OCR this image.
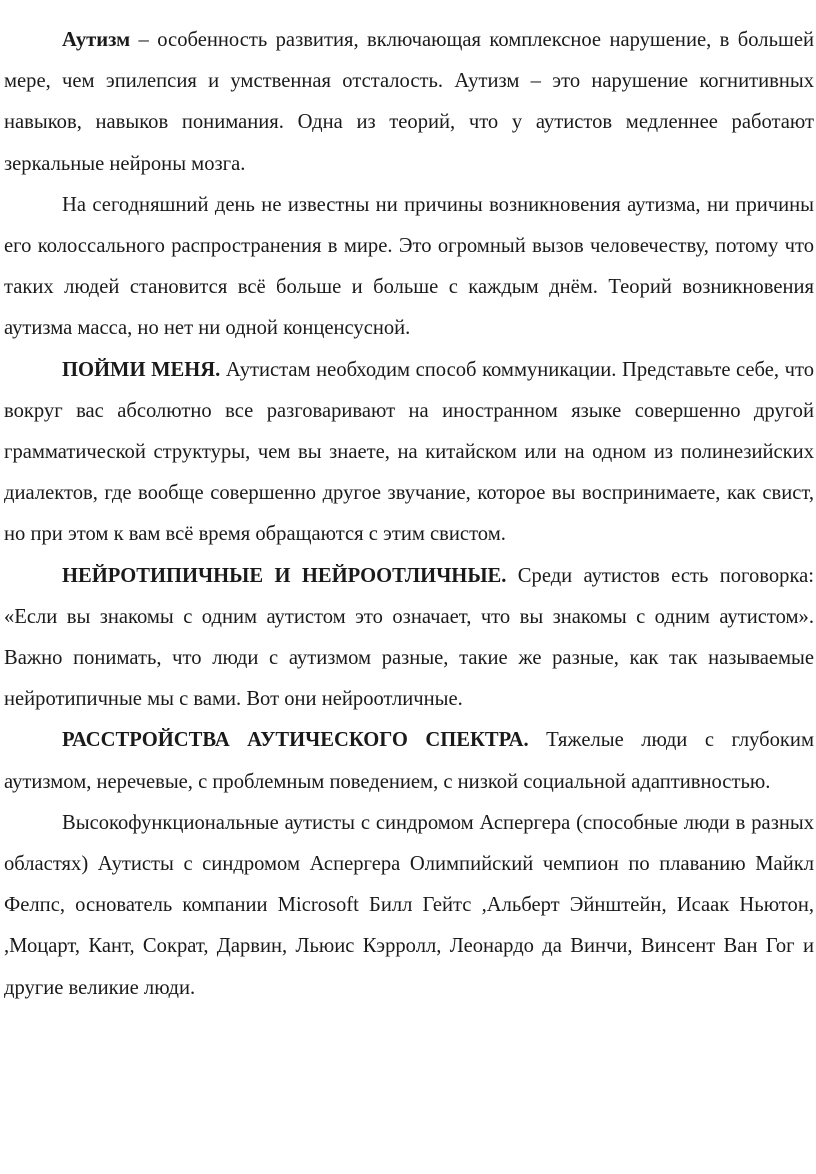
Аутизм – особенность развития, включающая комплексное нарушение, в большей мере, чем эпилепсия и умственная отсталость. Аутизм – это нарушение когнитивных навыков, навыков понимания. Одна из теорий, что у аутистов медленнее работают зеркальные нейроны мозга.

На сегодняшний день не известны ни причины возникновения аутизма, ни причины его колоссального распространения в мире. Это огромный вызов человечеству, потому что таких людей становится всё больше и больше с каждым днём. Теорий возникновения аутизма масса, но нет ни одной конценсусной.

ПОЙМИ МЕНЯ. Аутистам необходим способ коммуникации. Представьте себе, что вокруг вас абсолютно все разговаривают на иностранном языке совершенно другой грамматической структуры, чем вы знаете, на китайском или на одном из полинезийских диалектов, где вообще совершенно другое звучание, которое вы воспринимаете, как свист, но при этом к вам всё время обращаются с этим свистом.

НЕЙРОТИПИЧНЫЕ И НЕЙРООТЛИЧНЫЕ. Среди аутистов есть поговорка: «Если вы знакомы с одним аутистом это означает, что вы знакомы с одним аутистом». Важно понимать, что люди с аутизмом разные, такие же разные, как так называемые нейротипичные мы с вами. Вот они нейроотличные.

РАССТРОЙСТВА АУТИЧЕСКОГО СПЕКТРА. Тяжелые люди с глубоким аутизмом, неречевые, с проблемным поведением, с низкой социальной адаптивностью.

Высокофункциональные аутисты с синдромом Аспергера (способные люди в разных областях) Аутисты с синдромом Аспергера Олимпийский чемпион по плаванию Майкл Фелпс, основатель компании Microsoft Билл Гейтс ,Альберт Эйнштейн, Исаак Ньютон, ,Моцарт, Кант, Сократ, Дарвин, Льюис Кэрролл, Леонардо да Винчи, Винсент Ван Гог и другие великие люди.
